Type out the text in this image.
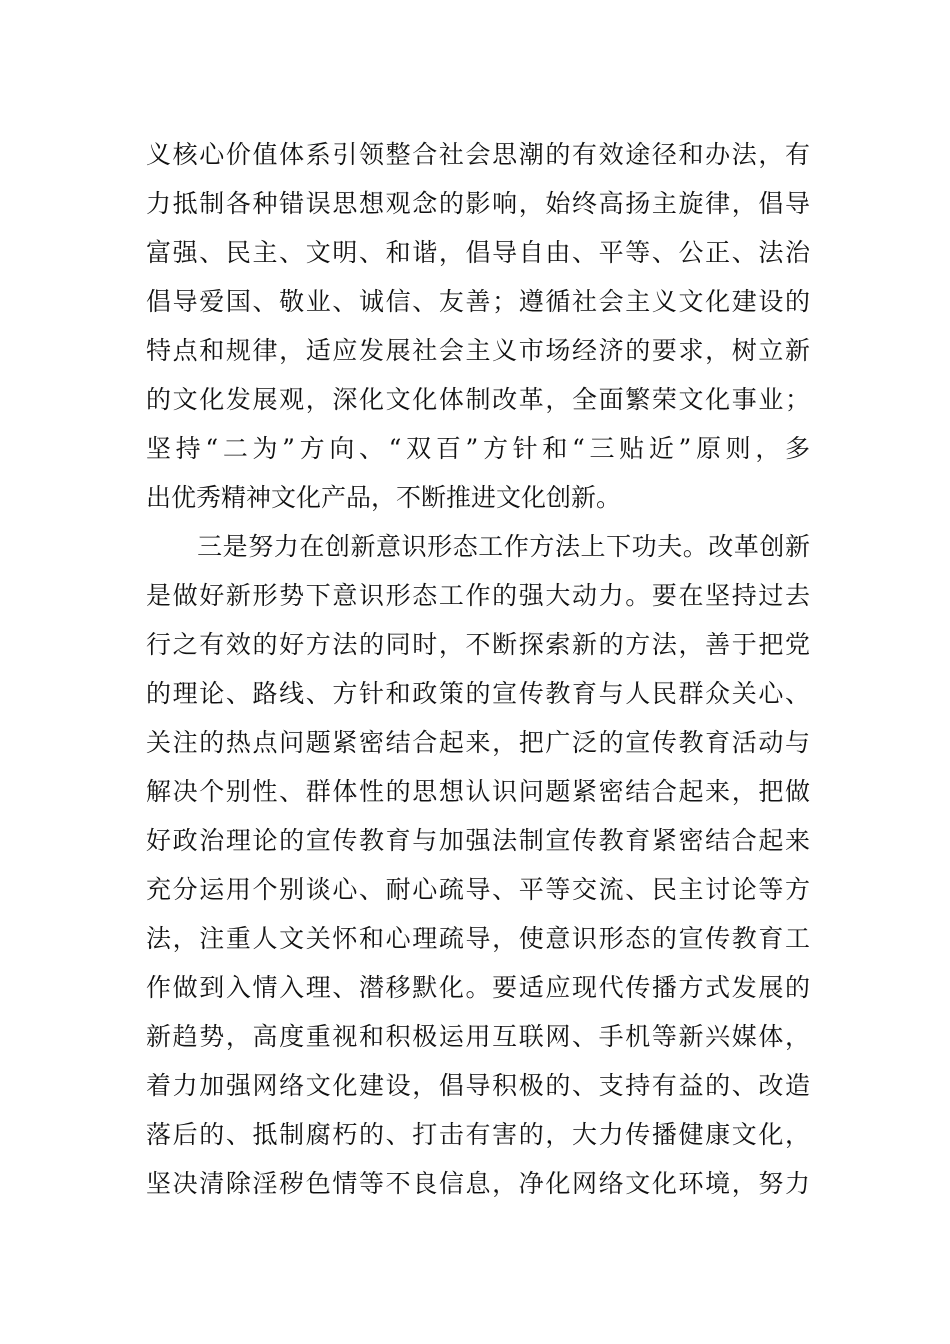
义核心价值体系引领整合社会思潮的有效途径和办法，有
力抵制各种错误思想观念的影响，始终高扬主旋律，倡导
富强、民主、文明、和谐，倡导自由、平等、公正、法治
倡导爱国、敬业、诚信、友善；遵循社会主义文化建设的
特点和规律，适应发展社会主义市场经济的要求，树立新
的文化发展观，深化文化体制改革，全面繁荣文化事业；
坚持“二为”方向、“双百”方针和“三贴近”原则，多
出优秀精神文化产品，不断推进文化创新。
　　三是努力在创新意识形态工作方法上下功夫。改革创新
是做好新形势下意识形态工作的强大动力。要在坚持过去
行之有效的好方法的同时，不断探索新的方法，善于把党
的理论、路线、方针和政策的宣传教育与人民群众关心、
关注的热点问题紧密结合起来，把广泛的宣传教育活动与
解决个别性、群体性的思想认识问题紧密结合起来，把做
好政治理论的宣传教育与加强法制宣传教育紧密结合起来
充分运用个别谈心、耐心疏导、平等交流、民主讨论等方
法，注重人文关怀和心理疏导，使意识形态的宣传教育工
作做到入情入理、潜移默化。要适应现代传播方式发展的
新趋势，高度重视和积极运用互联网、手机等新兴媒体，
着力加强网络文化建设，倡导积极的、支持有益的、改造
落后的、抵制腐朽的、打击有害的，大力传播健康文化，
坚决清除淫秽色情等不良信息，净化网络文化环境，努力
